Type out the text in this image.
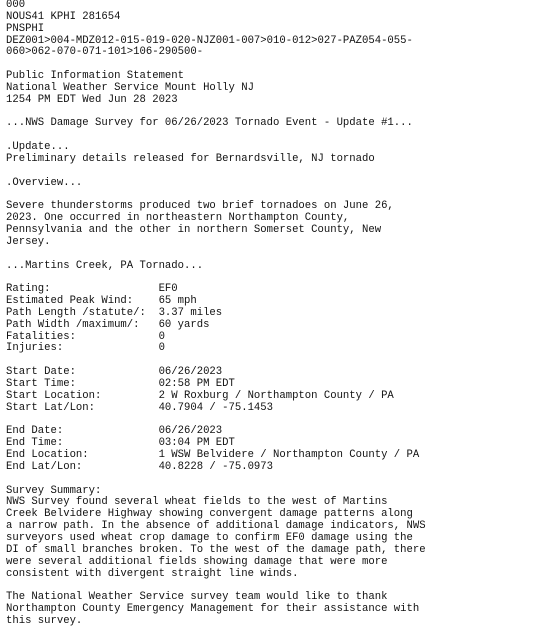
000
NOUS41 KPHI 281654
PNSPHI
DEZ001>004-MDZ012-015-019-020-NJZ001-007>010-012>027-PAZ054-055-
060>062-070-071-101>106-290500-

Public Information Statement
National Weather Service Mount Holly NJ
1254 PM EDT Wed Jun 28 2023

...NWS Damage Survey for 06/26/2023 Tornado Event - Update #1...

.Update...
Preliminary details released for Bernardsville, NJ tornado

.Overview...

Severe thunderstorms produced two brief tornadoes on June 26,
2023. One occurred in northeastern Northampton County,
Pennsylvania and the other in northern Somerset County, New
Jersey.

...Martins Creek, PA Tornado...

Rating:                 EF0
Estimated Peak Wind:    65 mph
Path Length /statute/:  3.37 miles
Path Width /maximum/:   60 yards
Fatalities:             0
Injuries:               0

Start Date:             06/26/2023
Start Time:             02:58 PM EDT
Start Location:         2 W Roxburg / Northampton County / PA
Start Lat/Lon:          40.7904 / -75.1453

End Date:               06/26/2023
End Time:               03:04 PM EDT
End Location:           1 WSW Belvidere / Northampton County / PA
End Lat/Lon:            40.8228 / -75.0973

Survey Summary:
NWS Survey found several wheat fields to the west of Martins
Creek Belvidere Highway showing convergent damage patterns along
a narrow path. In the absence of additional damage indicators, NWS
surveyors used wheat crop damage to confirm EF0 damage using the
DI of small branches broken. To the west of the damage path, there
were several additional fields showing damage that were more
consistent with divergent straight line winds.

The National Weather Service survey team would like to thank
Northampton County Emergency Management for their assistance with
this survey.
